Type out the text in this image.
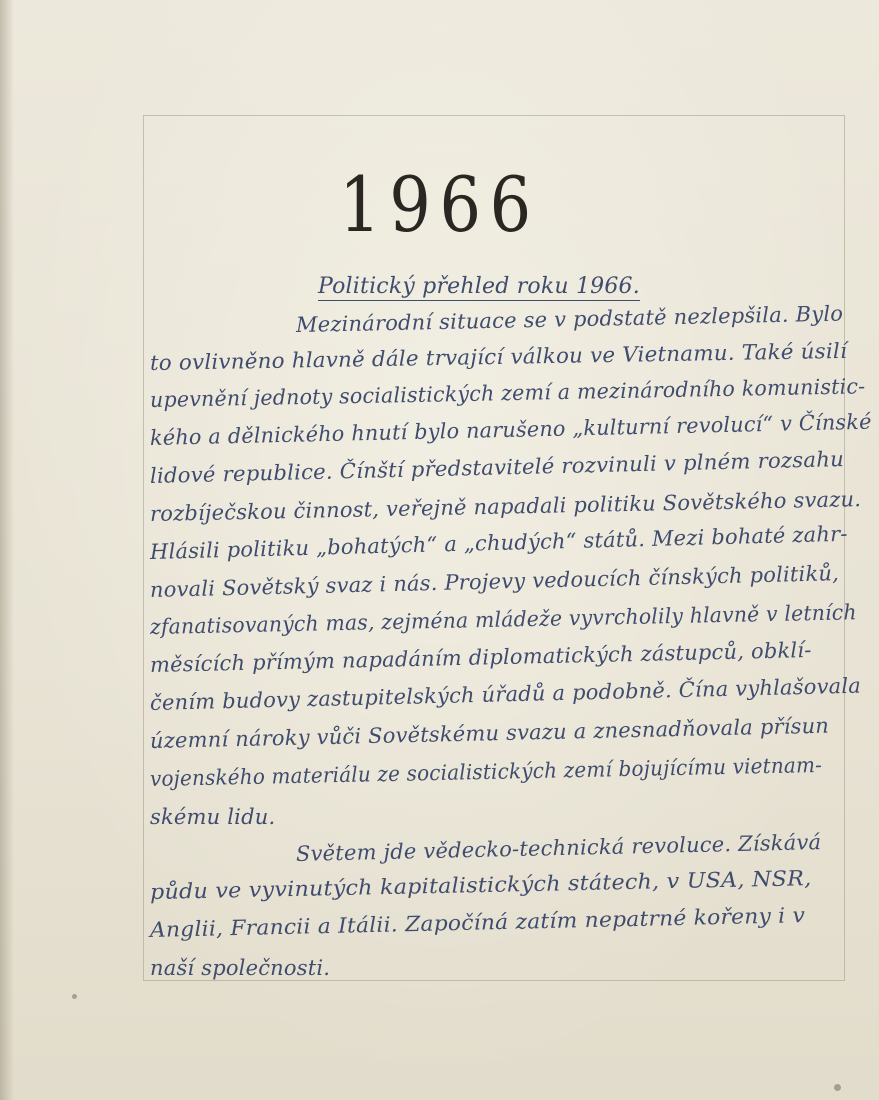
1966
Politický přehled roku 1966.
Mezinárodní situace se v podstatě nezlepšila. Bylo
to ovlivněno hlavně dále trvající válkou ve Vietnamu. Také úsilí
upevnění jednoty socialistických zemí a mezinárodního komunistic-
kého a dělnického hnutí bylo narušeno „kulturní revolucí“ v Čínské
lidové republice. Čínští představitelé rozvinuli v plném rozsahu
rozbíječskou činnost, veřejně napadali politiku Sovětského svazu.
Hlásili politiku „bohatých“ a „chudých“ států. Mezi bohaté zahr-
novali Sovětský svaz i nás. Projevy vedoucích čínských politiků,
zfanatisovaných mas, zejména mládeže vyvrcholily hlavně v letních
měsících přímým napadáním diplomatických zástupců, obklí-
čením budovy zastupitelských úřadů a podobně. Čína vyhlašovala
územní nároky vůči Sovětskému svazu a znesnadňovala přísun
vojenského materiálu ze socialistických zemí bojujícímu vietnam-
skému lidu.
Světem jde vědecko-technická revoluce. Získává
půdu ve vyvinutých kapitalistických státech, v USA, NSR,
Anglii, Francii a Itálii. Započíná zatím nepatrné kořeny i v
naší společnosti.
